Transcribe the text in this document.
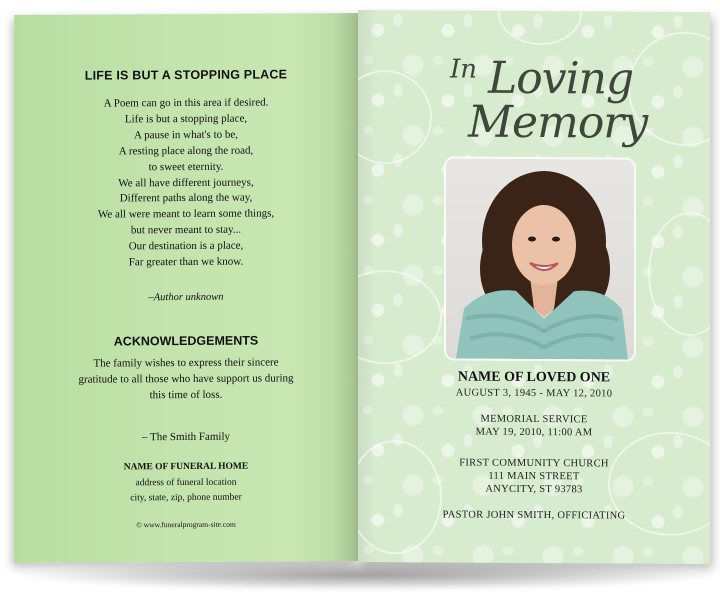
LIFE IS BUT A STOPPING PLACE
A Poem can go in this area if desired.
Life is but a stopping place,
A pause in what's to be,
A resting place along the road,
to sweet eternity.
We all have different journeys,
Different paths along the way,
We all were meant to learn some things,
but never meant to stay...
Our destination is a place,
Far greater than we know.
–Author unknown
ACKNOWLEDGEMENTS
The family wishes to express their sincere gratitude to all those who have support us during this time of loss.
– The Smith Family
NAME OF FUNERAL HOME
address of funeral location
city, state, zip, phone number
© www.funeralprogram-site.com
In Loving
Memory
NAME OF LOVED ONE
AUGUST 3, 1945 - MAY 12, 2010
MEMORIAL SERVICE
MAY 19, 2010, 11:00 AM
FIRST COMMUNITY CHURCH
111 MAIN STREET
ANYCITY, ST 93783
PASTOR JOHN SMITH, OFFICIATING
